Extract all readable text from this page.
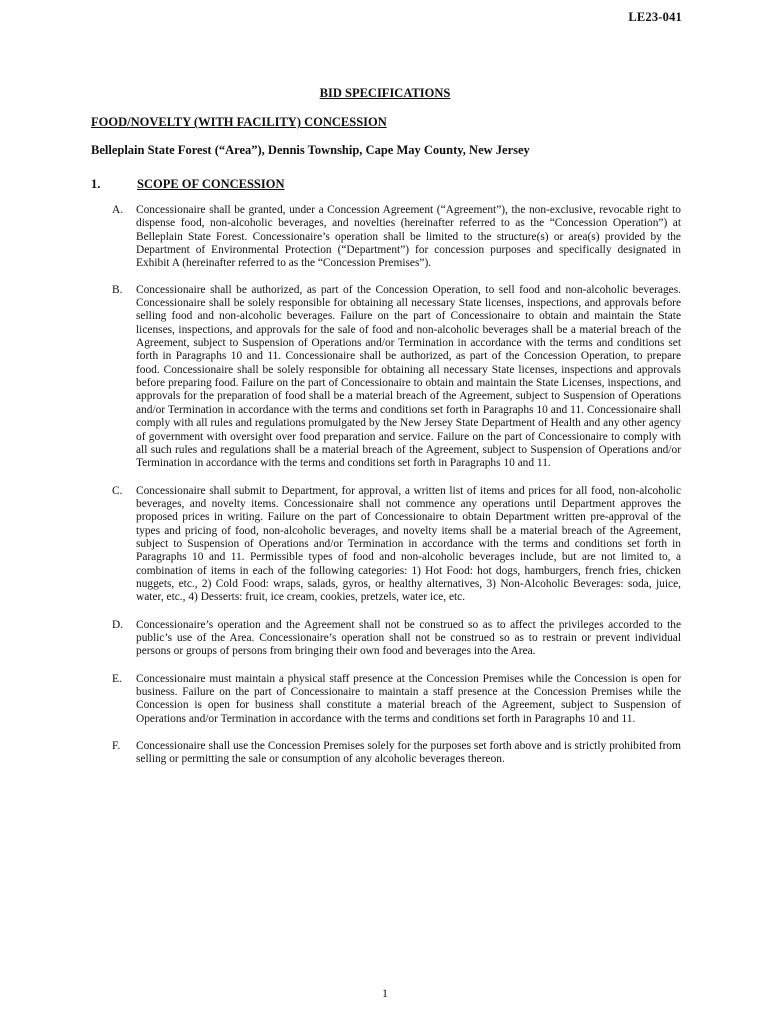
LE23-041
BID SPECIFICATIONS
FOOD/NOVELTY (WITH FACILITY) CONCESSION
Belleplain State Forest (“Area”), Dennis Township, Cape May County, New Jersey
1.	SCOPE OF CONCESSION
A.	Concessionaire shall be granted, under a Concession Agreement (“Agreement”), the non-exclusive, revocable right to dispense food, non-alcoholic beverages, and novelties (hereinafter referred to as the “Concession Operation”) at Belleplain State Forest. Concessionaire’s operation shall be limited to the structure(s) or area(s) provided by the Department of Environmental Protection (“Department”) for concession purposes and specifically designated in Exhibit A (hereinafter referred to as the “Concession Premises”).
B.	Concessionaire shall be authorized, as part of the Concession Operation, to sell food and non-alcoholic beverages. Concessionaire shall be solely responsible for obtaining all necessary State licenses, inspections, and approvals before selling food and non-alcoholic beverages. Failure on the part of Concessionaire to obtain and maintain the State licenses, inspections, and approvals for the sale of food and non-alcoholic beverages shall be a material breach of the Agreement, subject to Suspension of Operations and/or Termination in accordance with the terms and conditions set forth in Paragraphs 10 and 11. Concessionaire shall be authorized, as part of the Concession Operation, to prepare food. Concessionaire shall be solely responsible for obtaining all necessary State licenses, inspections and approvals before preparing food. Failure on the part of Concessionaire to obtain and maintain the State Licenses, inspections, and approvals for the preparation of food shall be a material breach of the Agreement, subject to Suspension of Operations and/or Termination in accordance with the terms and conditions set forth in Paragraphs 10 and 11. Concessionaire shall comply with all rules and regulations promulgated by the New Jersey State Department of Health and any other agency of government with oversight over food preparation and service. Failure on the part of Concessionaire to comply with all such rules and regulations shall be a material breach of the Agreement, subject to Suspension of Operations and/or Termination in accordance with the terms and conditions set forth in Paragraphs 10 and 11.
C.	Concessionaire shall submit to Department, for approval, a written list of items and prices for all food, non-alcoholic beverages, and novelty items. Concessionaire shall not commence any operations until Department approves the proposed prices in writing. Failure on the part of Concessionaire to obtain Department written pre-approval of the types and pricing of food, non-alcoholic beverages, and novelty items shall be a material breach of the Agreement, subject to Suspension of Operations and/or Termination in accordance with the terms and conditions set forth in Paragraphs 10 and 11. Permissible types of food and non-alcoholic beverages include, but are not limited to, a combination of items in each of the following categories: 1) Hot Food: hot dogs, hamburgers, french fries, chicken nuggets, etc., 2) Cold Food: wraps, salads, gyros, or healthy alternatives, 3) Non-Alcoholic Beverages: soda, juice, water, etc., 4) Desserts: fruit, ice cream, cookies, pretzels, water ice, etc.
D.	Concessionaire’s operation and the Agreement shall not be construed so as to affect the privileges accorded to the public’s use of the Area. Concessionaire’s operation shall not be construed so as to restrain or prevent individual persons or groups of persons from bringing their own food and beverages into the Area.
E.	Concessionaire must maintain a physical staff presence at the Concession Premises while the Concession is open for business. Failure on the part of Concessionaire to maintain a staff presence at the Concession Premises while the Concession is open for business shall constitute a material breach of the Agreement, subject to Suspension of Operations and/or Termination in accordance with the terms and conditions set forth in Paragraphs 10 and 11.
F.	Concessionaire shall use the Concession Premises solely for the purposes set forth above and is strictly prohibited from selling or permitting the sale or consumption of any alcoholic beverages thereon.
1
